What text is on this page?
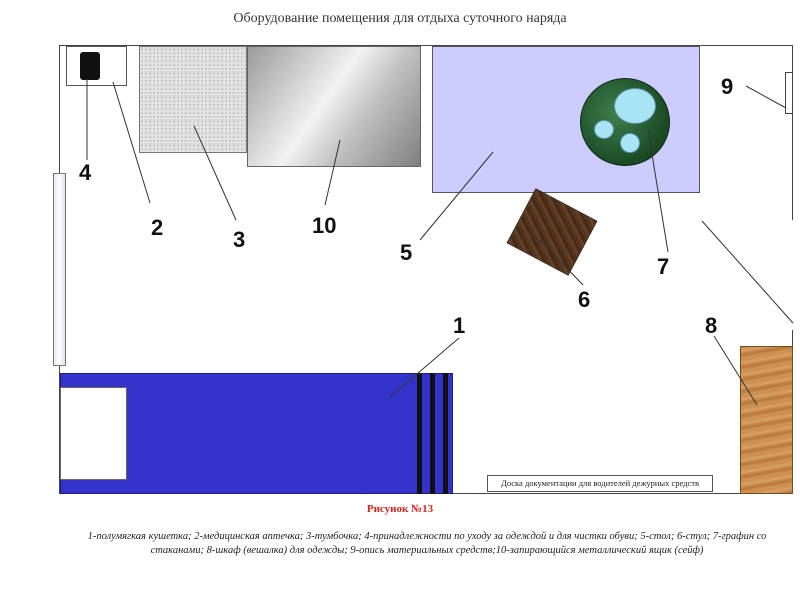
Оборудование помещения для отдыха суточного наряда
Доска документации для водителей дежурных средств
4
2	3
10
5
7
6
9
1	8
Рисунок №13
1-полумягкая кушетка; 2-медицинская аптечка; 3-тумбочка; 4-принадлежности по уходу за одеждой и для чистки обуви; 5-стол; 6-стул; 7-графин со стаканами; 8-шкаф (вешалка) для одежды; 9-опись материальных средств;10-запирающийся металлический ящик (сейф)
